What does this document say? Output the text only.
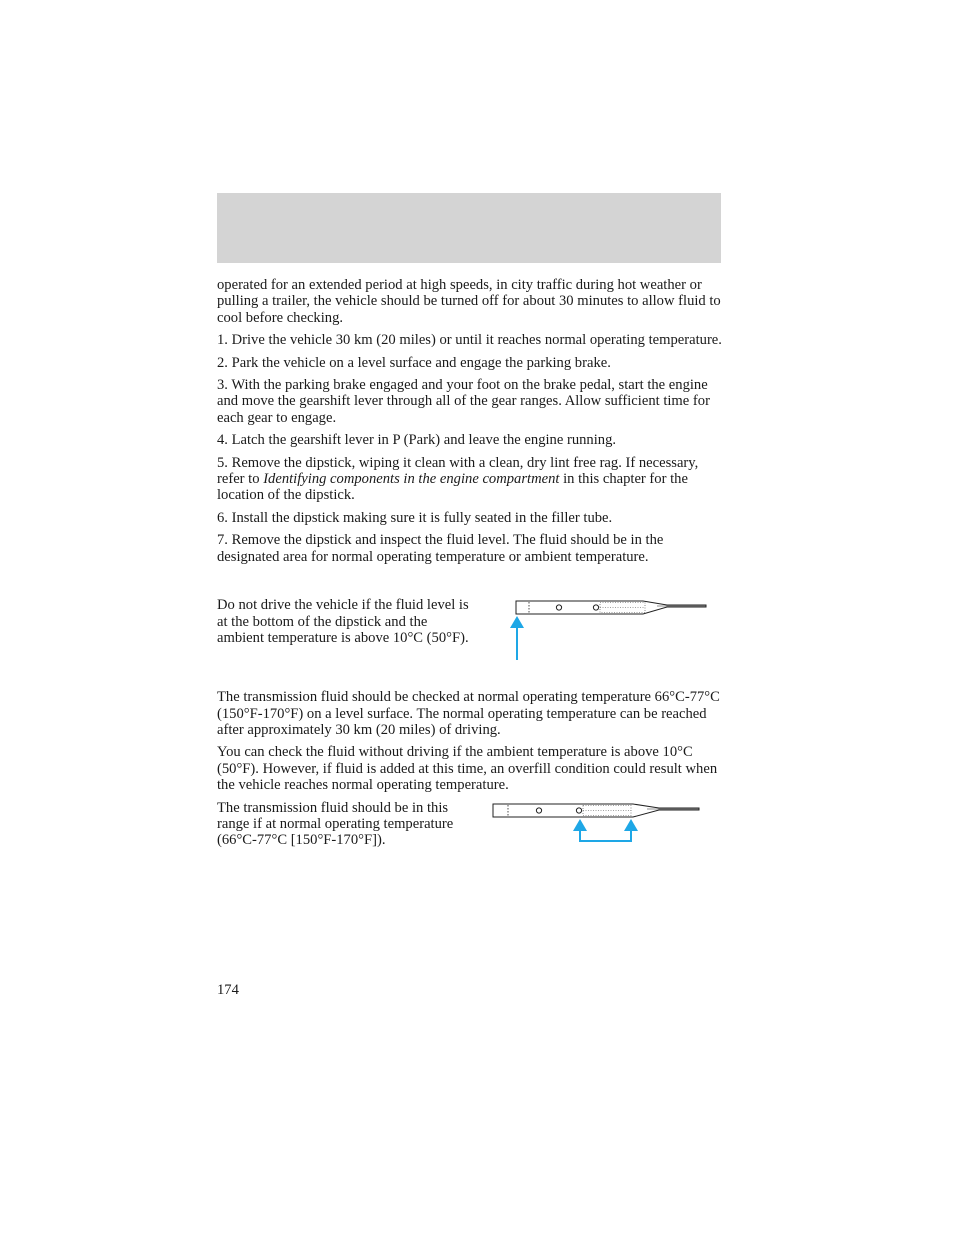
operated for an extended period at high speeds, in city traffic during hot weather or pulling a trailer, the vehicle should be turned off for about 30 minutes to allow fluid to cool before checking.

1. Drive the vehicle 30 km (20 miles) or until it reaches normal operating temperature.

2. Park the vehicle on a level surface and engage the parking brake.

3. With the parking brake engaged and your foot on the brake pedal, start the engine and move the gearshift lever through all of the gear ranges. Allow sufficient time for each gear to engage.

4. Latch the gearshift lever in P (Park) and leave the engine running.

5. Remove the dipstick, wiping it clean with a clean, dry lint free rag. If necessary, refer to Identifying components in the engine compartment in this chapter for the location of the dipstick.

6. Install the dipstick making sure it is fully seated in the filler tube.

7. Remove the dipstick and inspect the fluid level. The fluid should be in the designated area for normal operating temperature or ambient temperature.

Do not drive the vehicle if the fluid level is at the bottom of the dipstick and the ambient temperature is above 10°C (50°F).

The transmission fluid should be checked at normal operating temperature 66°C-77°C (150°F-170°F) on a level surface. The normal operating temperature can be reached after approximately 30 km (20 miles) of driving.

You can check the fluid without driving if the ambient temperature is above 10°C (50°F). However, if fluid is added at this time, an overfill condition could result when the vehicle reaches normal operating temperature.

The transmission fluid should be in this range if at normal operating temperature (66°C-77°C [150°F-170°F]).
174
